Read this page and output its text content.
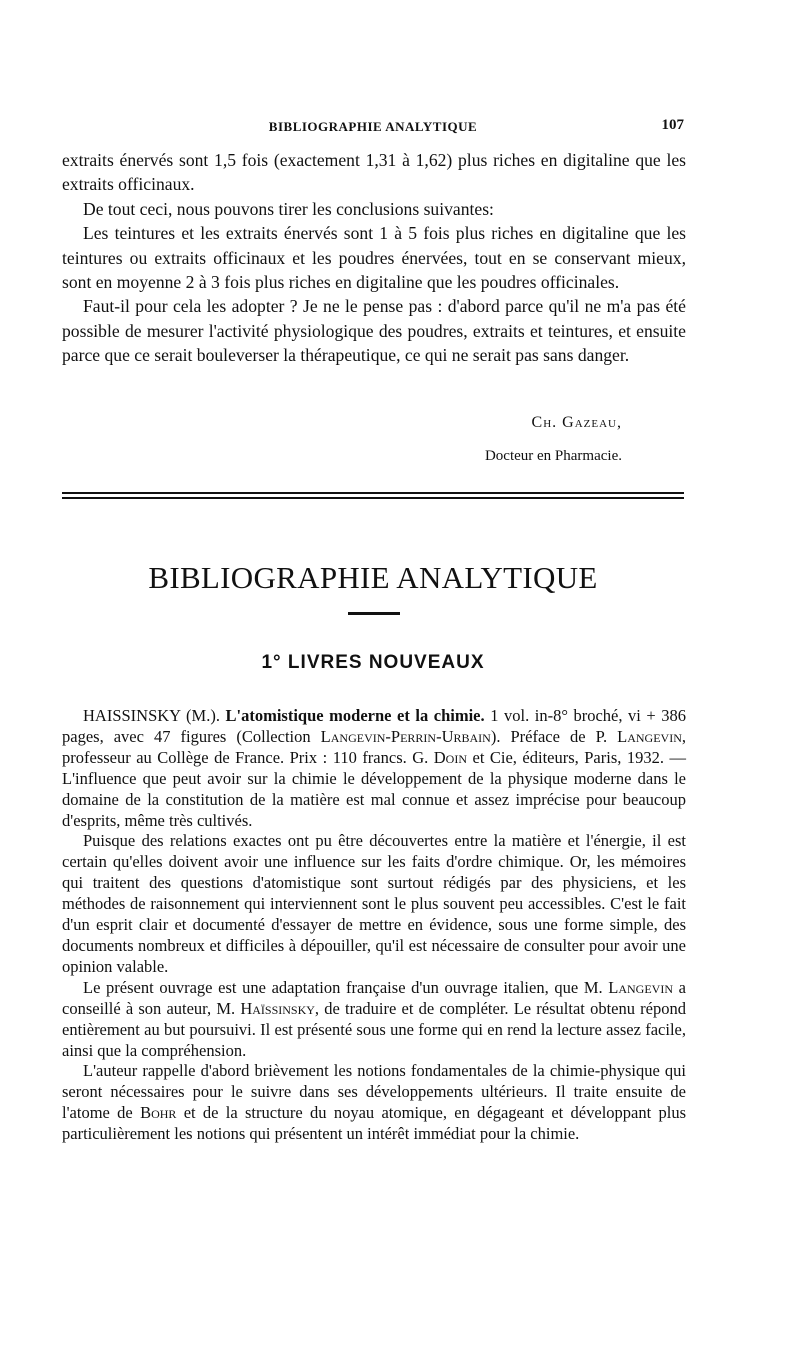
BIBLIOGRAPHIE ANALYTIQUE	107

extraits énervés sont 1,5 fois (exactement 1,31 à 1,62) plus riches en digitaline que les extraits officinaux.

De tout ceci, nous pouvons tirer les conclusions suivantes:

Les teintures et les extraits énervés sont 1 à 5 fois plus riches en digitaline que les teintures ou extraits officinaux et les poudres énervées, tout en se conservant mieux, sont en moyenne 2 à 3 fois plus riches en digitaline que les poudres officinales.

Faut-il pour cela les adopter ? Je ne le pense pas : d'abord parce qu'il ne m'a pas été possible de mesurer l'activité physiologique des poudres, extraits et teintures, et ensuite parce que ce serait bouleverser la thérapeutique, ce qui ne serait pas sans danger.

Ch. Gazeau,
Docteur en Pharmacie.
BIBLIOGRAPHIE ANALYTIQUE
1° LIVRES NOUVEAUX

HAISSINSKY (M.). L'atomistique moderne et la chimie. 1 vol. in-8° broché, vi + 386 pages, avec 47 figures (Collection Langevin-Perrin-Urbain). Préface de P. Langevin, professeur au Collège de France. Prix : 110 francs. G. Doin et Cie, éditeurs, Paris, 1932. — L'influence que peut avoir sur la chimie le développement de la physique moderne dans le domaine de la constitution de la matière est mal connue et assez imprécise pour beaucoup d'esprits, même très cultivés.

Puisque des relations exactes ont pu être découvertes entre la matière et l'énergie, il est certain qu'elles doivent avoir une influence sur les faits d'ordre chimique. Or, les mémoires qui traitent des questions d'atomistique sont surtout rédigés par des physiciens, et les méthodes de raisonnement qui interviennent sont le plus souvent peu accessibles. C'est le fait d'un esprit clair et documenté d'essayer de mettre en évidence, sous une forme simple, des documents nombreux et difficiles à dépouiller, qu'il est nécessaire de consulter pour avoir une opinion valable.

Le présent ouvrage est une adaptation française d'un ouvrage italien, que M. Langevin a conseillé à son auteur, M. Haïssinsky, de traduire et de compléter. Le résultat obtenu répond entièrement au but poursuivi. Il est présenté sous une forme qui en rend la lecture assez facile, ainsi que la compréhension.

L'auteur rappelle d'abord brièvement les notions fondamentales de la chimie-physique qui seront nécessaires pour le suivre dans ses développements ultérieurs. Il traite ensuite de l'atome de Bohr et de la structure du noyau atomique, en dégageant et développant plus particulièrement les notions qui présentent un intérêt immédiat pour la chimie.
